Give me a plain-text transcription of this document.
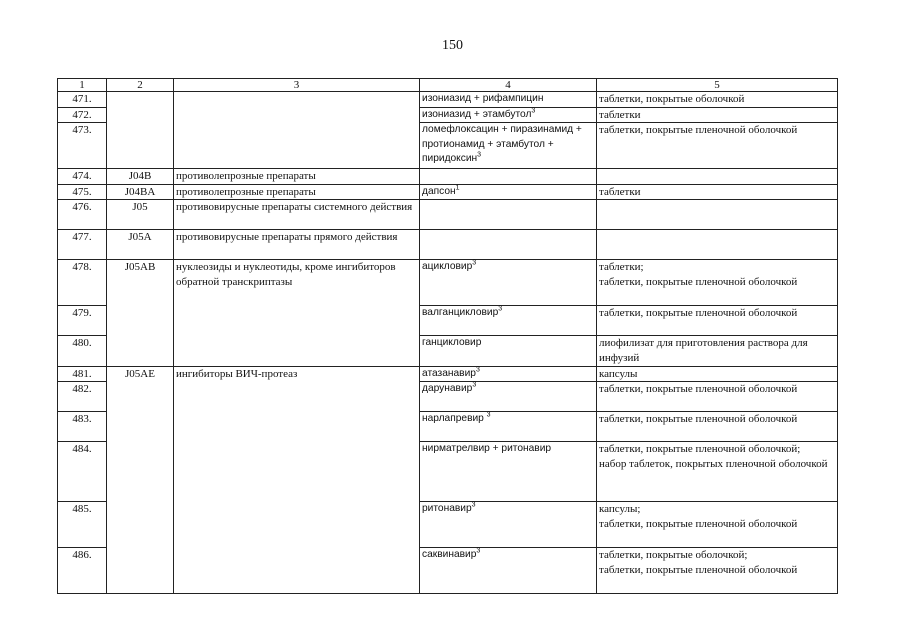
150
1	2	3	4	5
471.			изониазид + рифампицин	таблетки, покрытые оболочкой

472.			изониазид + этамбутол$^3$	таблетки

473.			ломефлоксацин + пиразинамид + протионамид + этамбутол + пиридоксин$^3$	таблетки, покрытые пленочной оболочкой

474.	J04B	противолепрозные препараты		

475.	J04BA	противолепрозные препараты	дапсон$^1$	таблетки

476.	J05	противовирусные препараты системного действия		

477.	J05A	противовирусные препараты прямого действия		

478.	J05AB	нуклеозиды и нуклеотиды, кроме ингибиторов обратной транскриптазы	ацикловир$^3$	таблетки;
таблетки, покрытые пленочной оболочкой

479.			валганцикловир$^3$	таблетки, покрытые пленочной оболочкой

480.			ганцикловир	лиофилизат для приготовления раствора для инфузий

481.	J05AE	ингибиторы ВИЧ-протеаз	атазанавир$^3$	капсулы

482.			дарунавир$^3$	таблетки, покрытые пленочной оболочкой

483.			нарлапревир $^3$	таблетки, покрытые пленочной оболочкой

484.			нирматрелвир + ритонавир	таблетки, покрытые пленочной оболочкой;
набор таблеток, покрытых пленочной оболочкой

485.			ритонавир$^3$	капсулы;
таблетки, покрытые пленочной оболочкой

486.			саквинавир$^3$	таблетки, покрытые оболочкой;
таблетки, покрытые пленочной оболочкой
